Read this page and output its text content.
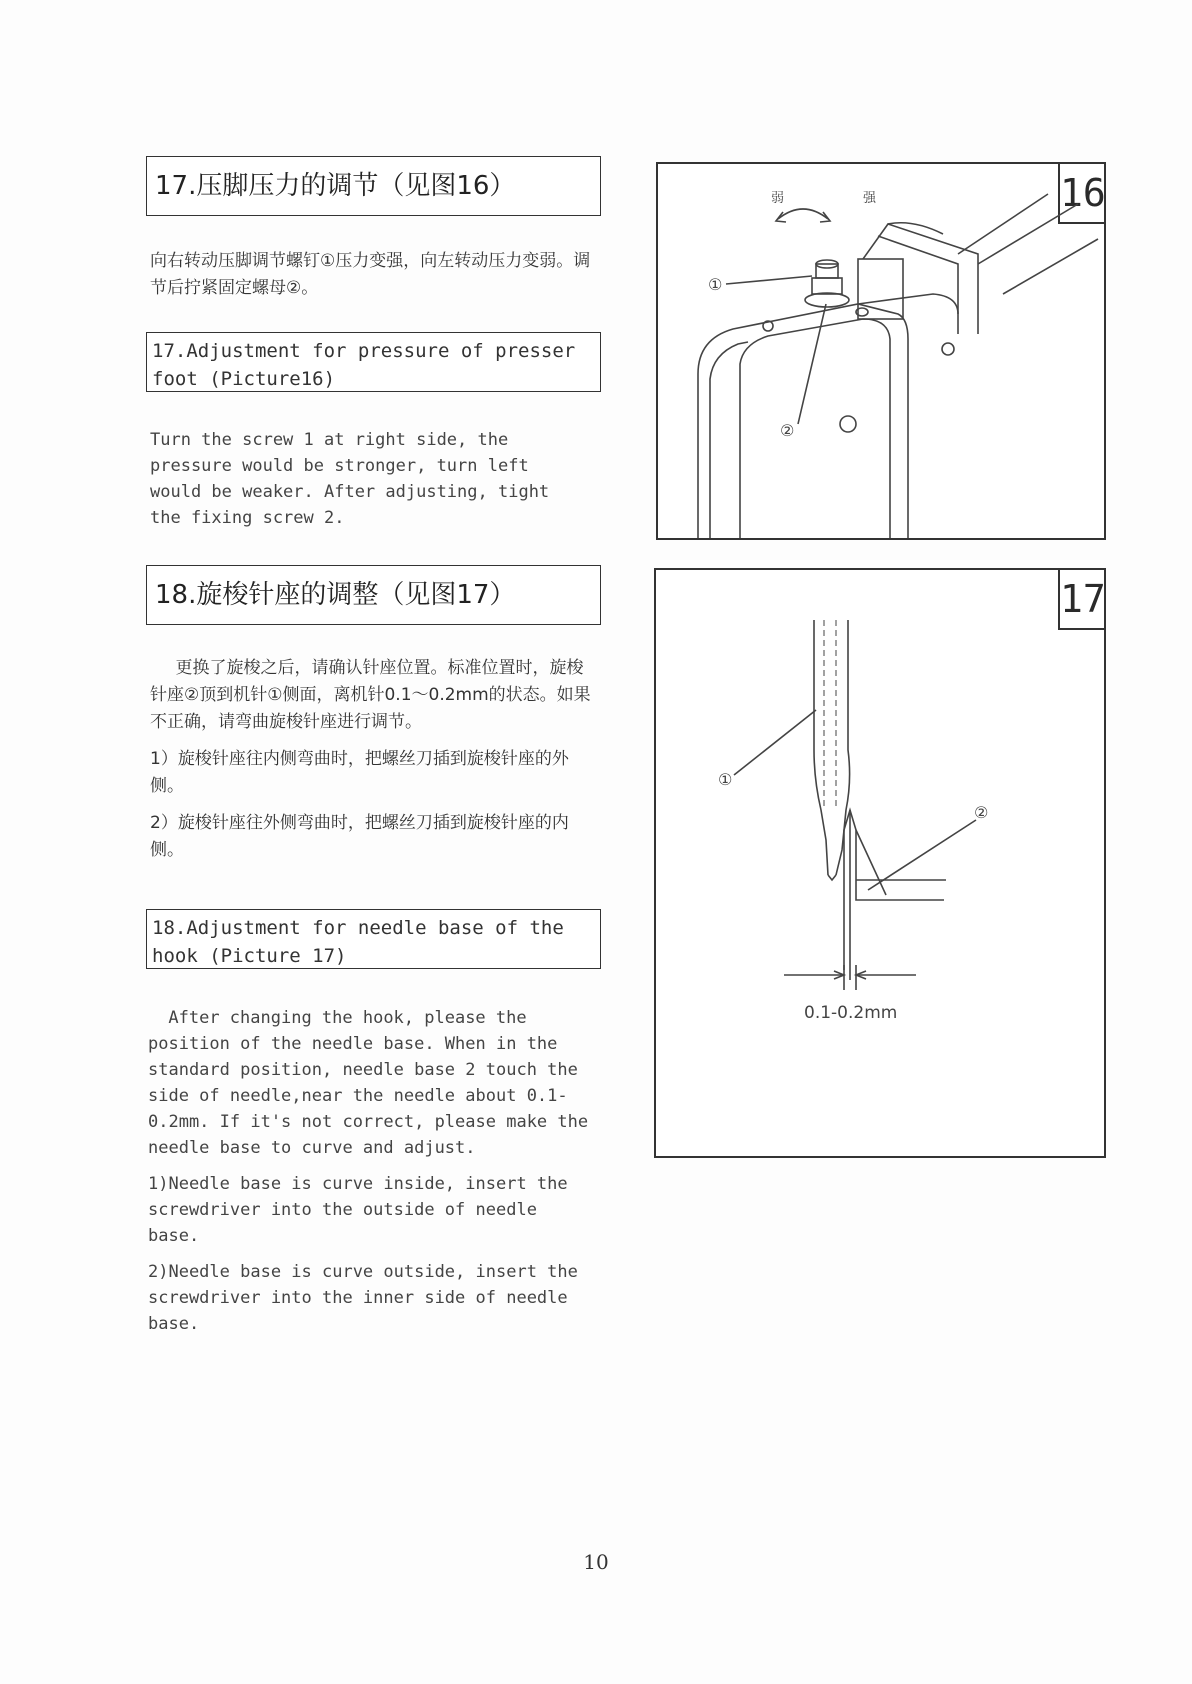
17.压脚压力的调节（见图16）

向右转动压脚调节螺钉①压力变强，向左转动压力变弱。调节后拧紧固定螺母②。

17.Adjustment for pressure of presser foot (Picture16)

Turn the screw 1 at right side, the pressure would be stronger, turn left would be weaker. After adjusting, tight the fixing screw 2.

18.旋梭针座的调整（见图17）

更换了旋梭之后，请确认针座位置。标准位置时，旋梭针座②顶到机针①侧面，离机针0.1～0.2mm的状态。如果不正确，请弯曲旋梭针座进行调节。

1）旋梭针座往内侧弯曲时，把螺丝刀插到旋梭针座的外侧。

2）旋梭针座往外侧弯曲时，把螺丝刀插到旋梭针座的内侧。

18.Adjustment for needle base of the hook (Picture 17)

After changing the hook, please the position of the needle base. When in the standard position, needle base 2 touch the side of needle,near the needle about 0.1-0.2mm. If it's not correct, please make the needle base to curve and adjust.

1)Needle base is curve inside, insert the screwdriver into the outside of needle base.

2)Needle base is curve outside, insert the screwdriver into the inner side of needle base.

16
弱	强
①
②
17
①
②
0.1-0.2mm
10
